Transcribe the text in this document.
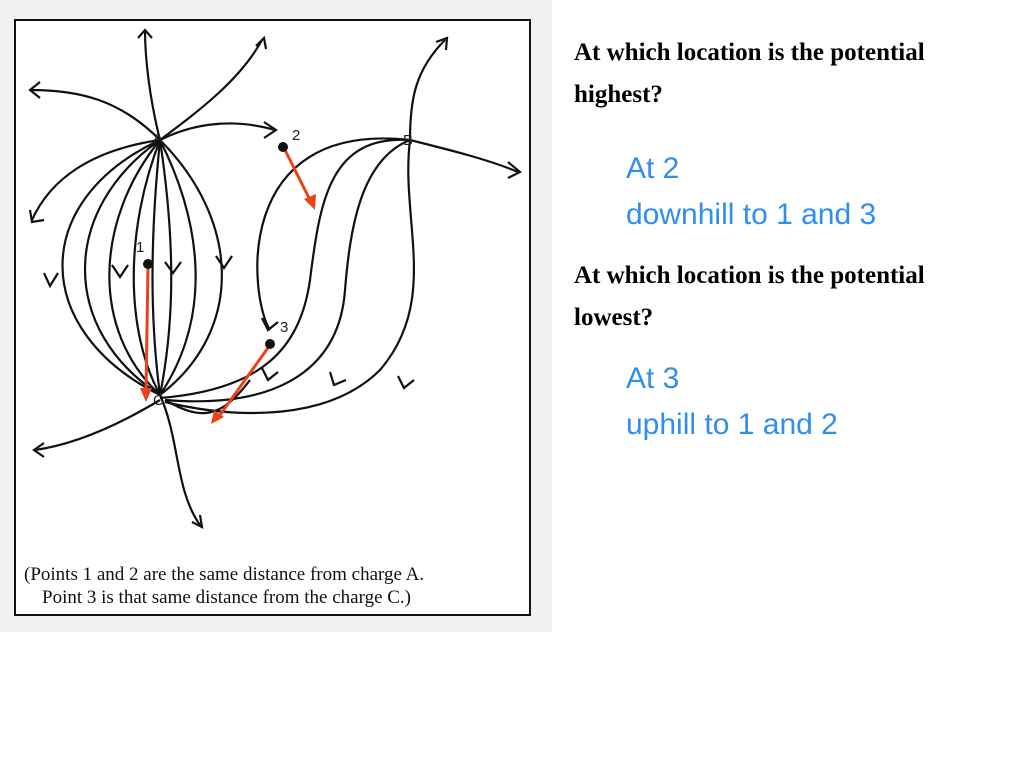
A	B
C
1
2
3
(Points 1 and 2 are the same distance from charge A.
Point 3 is that same distance from the charge C.)
At which location is the potential highest?
At 2
downhill to 1 and 3
At which location is the potential lowest?
At 3
uphill to 1 and 2
